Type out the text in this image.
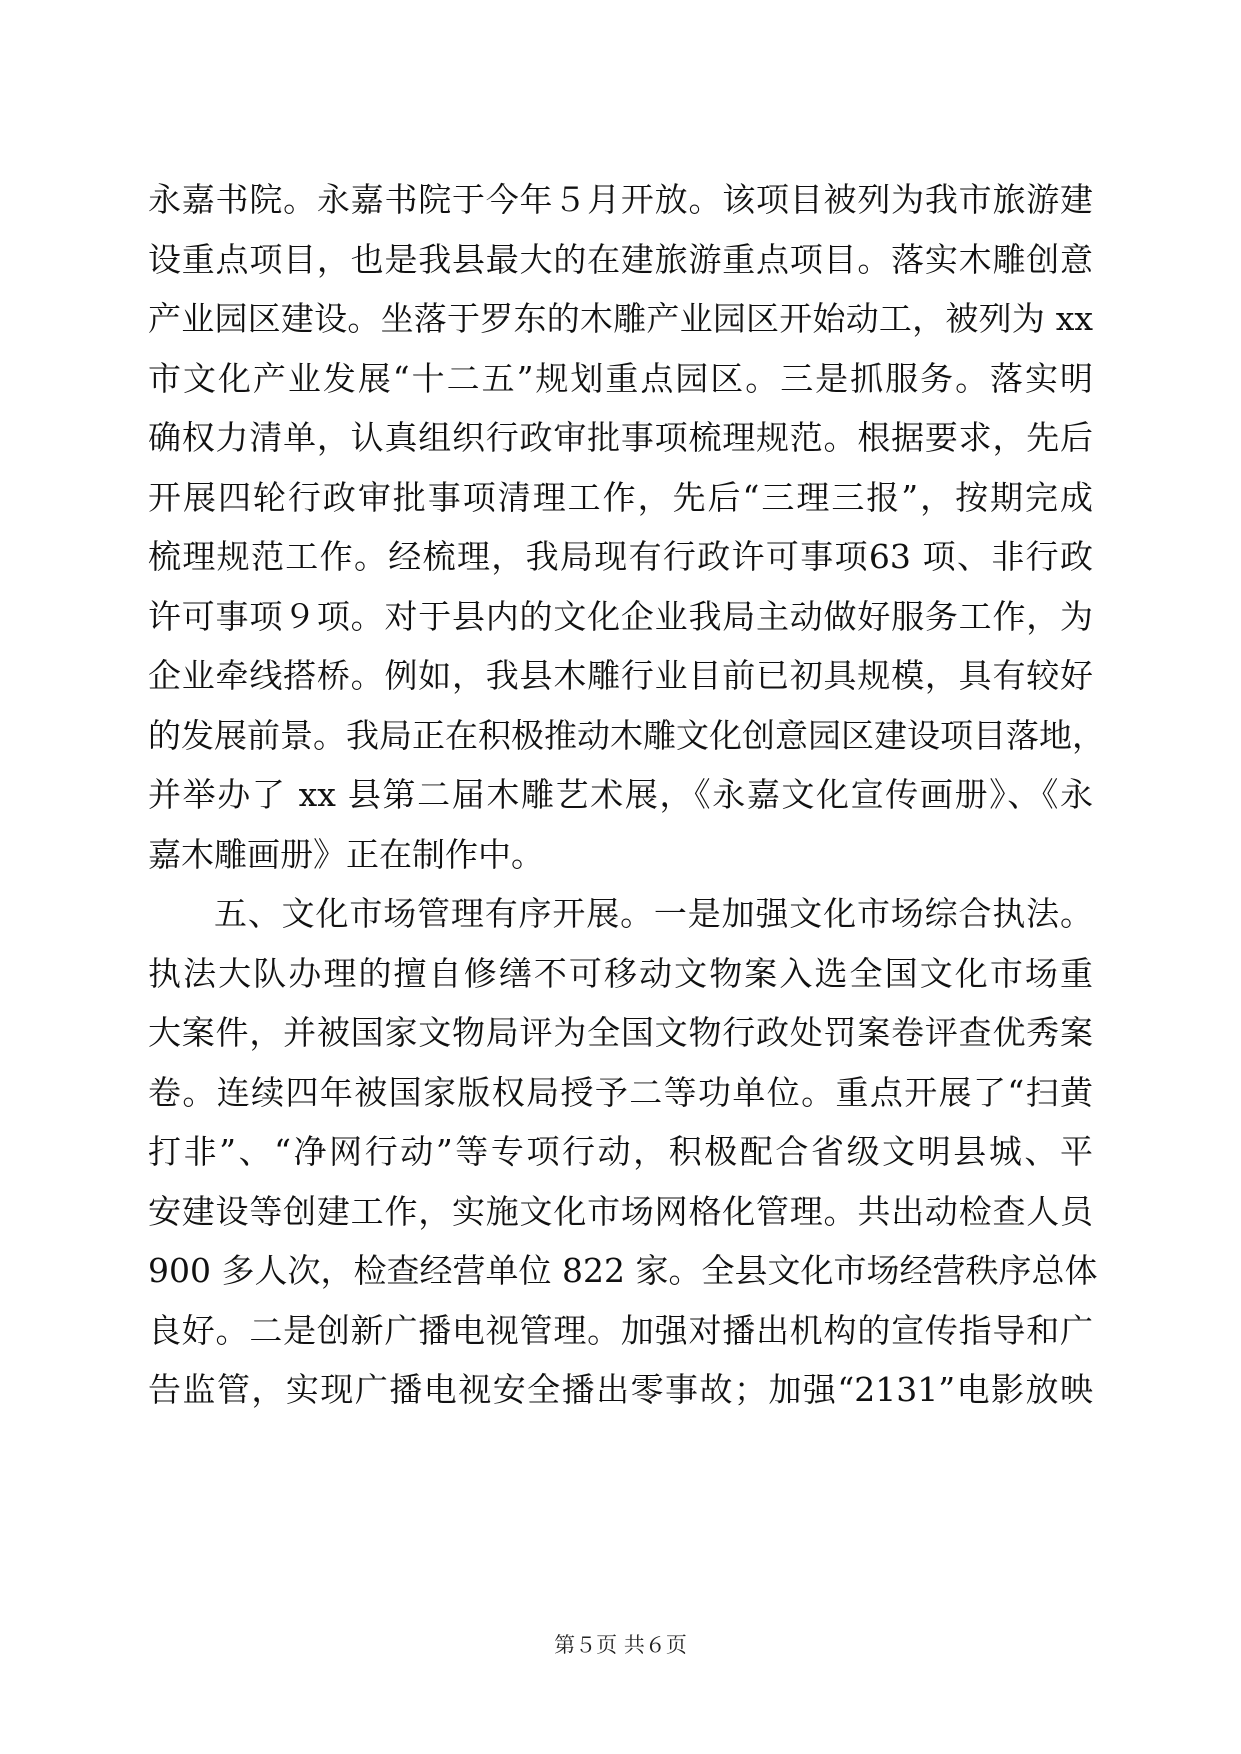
永嘉书院。永嘉书院于今年５月开放。该项目被列为我市旅游建
设重点项目，也是我县最大的在建旅游重点项目。落实木雕创意
产业园区建设。坐落于罗东的木雕产业园区开始动工，被列为 xx
市文化产业发展“十二五”规划重点园区。三是抓服务。落实明
确权力清单，认真组织行政审批事项梳理规范。根据要求，先后
开展四轮行政审批事项清理工作，先后“三理三报”，按期完成
梳理规范工作。经梳理，我局现有行政许可事项63 项、非行政
许可事项９项。对于县内的文化企业我局主动做好服务工作，为
企业牵线搭桥。例如，我县木雕行业目前已初具规模，具有较好
的发展前景。我局正在积极推动木雕文化创意园区建设项目落地，
并举办了 xx 县第二届木雕艺术展，《永嘉文化宣传画册》、《永
嘉木雕画册》正在制作中。
五、文化市场管理有序开展。一是加强文化市场综合执法。
执法大队办理的擅自修缮不可移动文物案入选全国文化市场重
大案件，并被国家文物局评为全国文物行政处罚案卷评查优秀案
卷。连续四年被国家版权局授予二等功单位。重点开展了“扫黄
打非”、“净网行动”等专项行动，积极配合省级文明县城、平
安建设等创建工作，实施文化市场网格化管理。共出动检查人员
900 多人次，检查经营单位 822 家。全县文化市场经营秩序总体
良好。二是创新广播电视管理。加强对播出机构的宣传指导和广
告监管，实现广播电视安全播出零事故；加强“2131”电影放映
第５页 共６页
